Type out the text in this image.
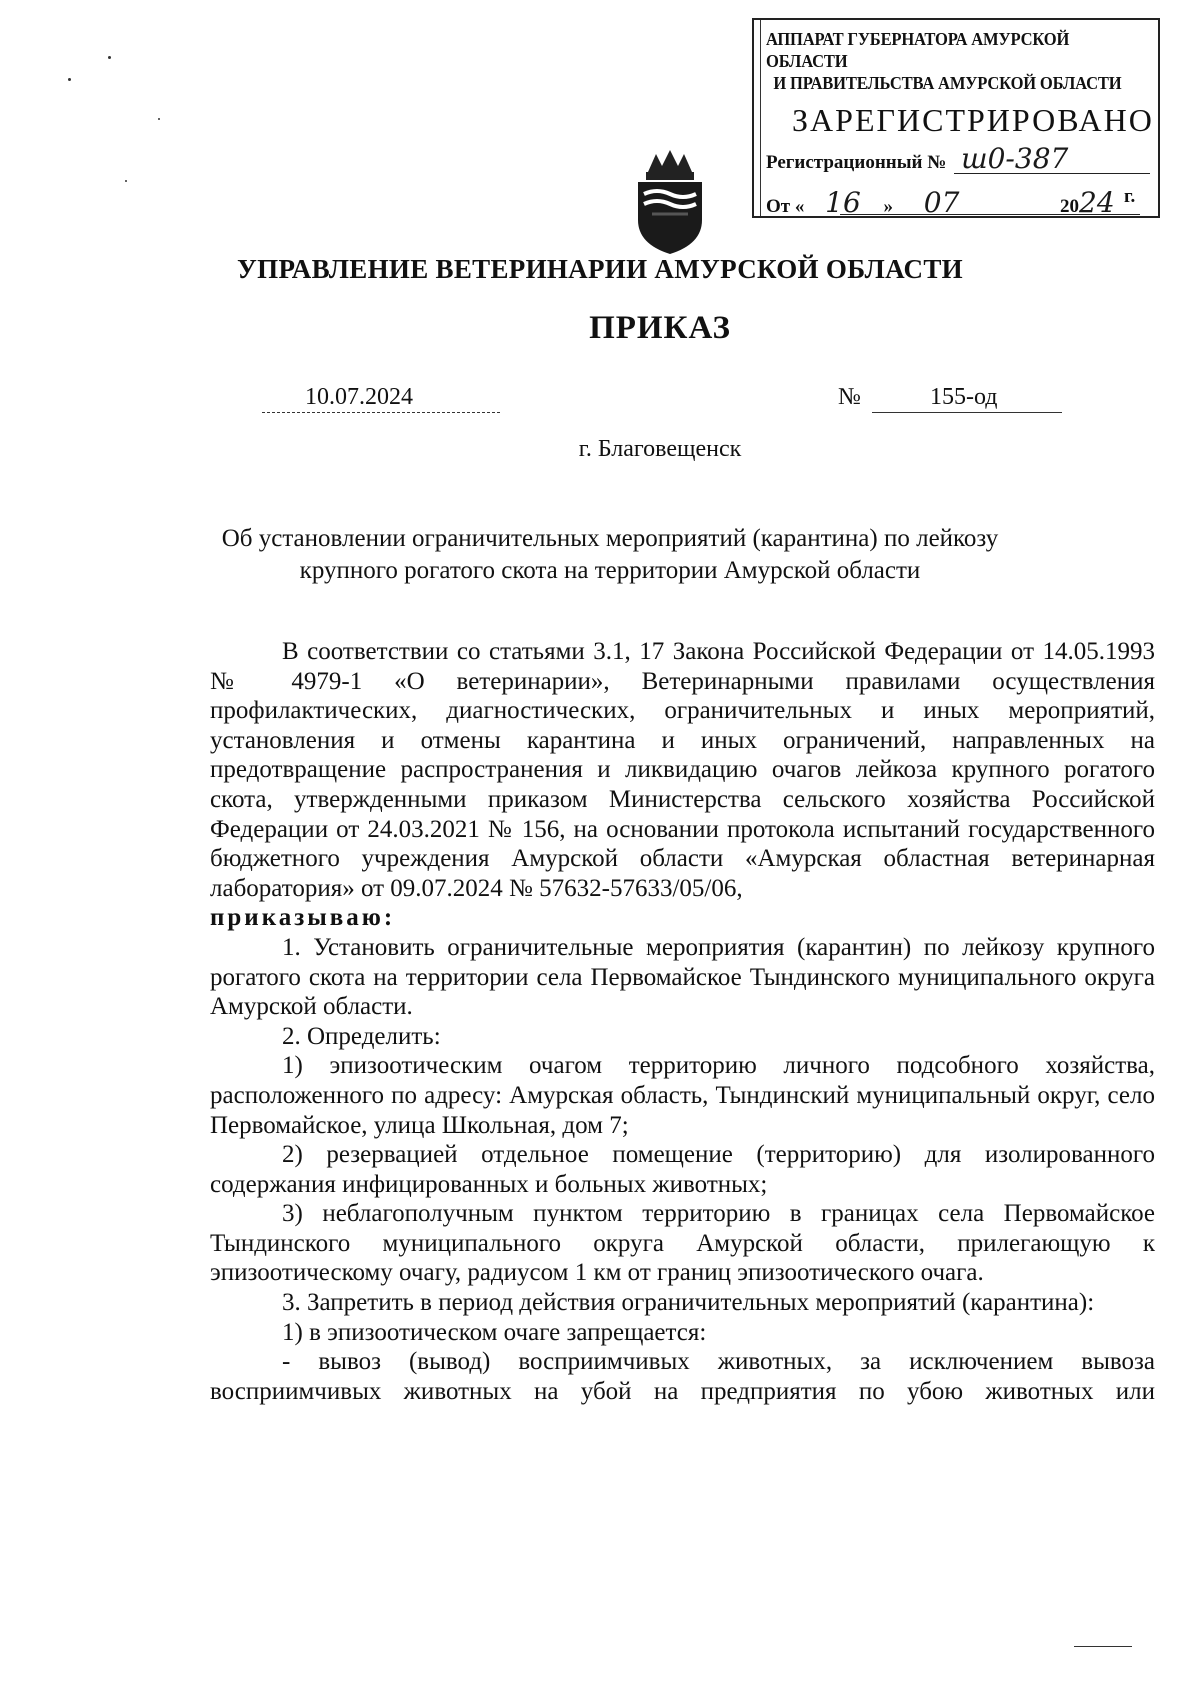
АППАРАТ ГУБЕРНАТОРА АМУРСКОЙ ОБЛАСТИ
И ПРАВИТЕЛЬСТВА АМУРСКОЙ ОБЛАСТИ
ЗАРЕГИСТРИРОВАНО
Регистрационный № ш0-387
От « 16 » 07	2024 г.
УПРАВЛЕНИЕ ВЕТЕРИНАРИИ АМУРСКОЙ ОБЛАСТИ
ПРИКАЗ
10.07.2024	№	155-од
г. Благовещенск
Об установлении ограничительных мероприятий (карантина) по лейкозу
крупного рогатого скота на территории Амурской области

В соответствии со статьями 3.1, 17 Закона Российской Федерации от 14.05.1993 № 4979-1 «О ветеринарии», Ветеринарными правилами осуществления профилактических, диагностических, ограничительных и иных мероприятий, установления и отмены карантина и иных ограничений, направленных на предотвращение распространения и ликвидацию очагов лейкоза крупного рогатого скота, утвержденными приказом Министерства сельского хозяйства Российской Федерации от 24.03.2021 № 156, на основании протокола испытаний государственного бюджетного учреждения Амурской области «Амурская областная ветеринарная лаборатория» от 09.07.2024 № 57632-57633/05/06,

приказываю:

1. Установить ограничительные мероприятия (карантин) по лейкозу крупного рогатого скота на территории села Первомайское Тындинского муниципального округа Амурской области.

2. Определить:

1) эпизоотическим очагом территорию личного подсобного хозяйства, расположенного по адресу: Амурская область, Тындинский муниципальный округ, село Первомайское, улица Школьная, дом 7;

2) резервацией отдельное помещение (территорию) для изолированного содержания инфицированных и больных животных;

3) неблагополучным пунктом территорию в границах села Первомайское Тындинского муниципального округа Амурской области, прилегающую к эпизоотическому очагу, радиусом 1 км от границ эпизоотического очага.

3. Запретить в период действия ограничительных мероприятий (карантина):

1) в эпизоотическом очаге запрещается:

- вывоз (вывод) восприимчивых животных, за исключением вывоза восприимчивых животных на убой на предприятия по убою животных или
